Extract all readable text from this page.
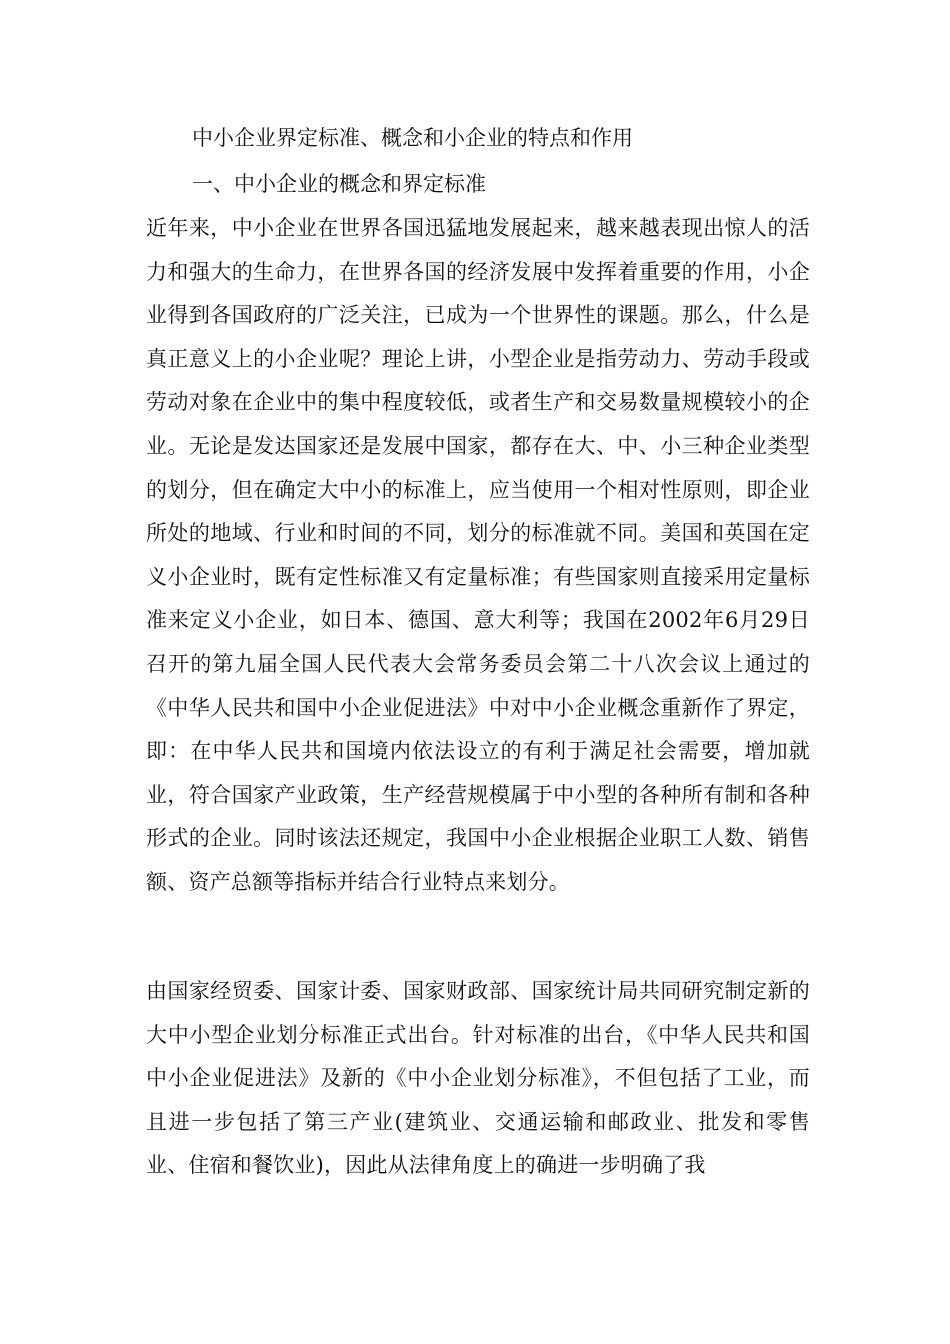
中小企业界定标准、概念和小企业的特点和作用
一、中小企业的概念和界定标准

近年来，中小企业在世界各国迅猛地发展起来，越来越表现出惊人的活力和强大的生命力，在世界各国的经济发展中发挥着重要的作用，小企业得到各国政府的广泛关注，已成为一个世界性的课题。那么，什么是真正意义上的小企业呢？理论上讲，小型企业是指劳动力、劳动手段或劳动对象在企业中的集中程度较低，或者生产和交易数量规模较小的企业。无论是发达国家还是发展中国家，都存在大、中、小三种企业类型的划分，但在确定大中小的标准上，应当使用一个相对性原则，即企业所处的地域、行业和时间的不同，划分的标准就不同。美国和英国在定义小企业时，既有定性标准又有定量标准；有些国家则直接采用定量标准来定义小企业，如日本、德国、意大利等；我国在2002年6月29日召开的第九届全国人民代表大会常务委员会第二十八次会议上通过的《中华人民共和国中小企业促进法》中对中小企业概念重新作了界定，即：在中华人民共和国境内依法设立的有利于满足社会需要，增加就业，符合国家产业政策，生产经营规模属于中小型的各种所有制和各种形式的企业。同时该法还规定，我国中小企业根据企业职工人数、销售额、资产总额等指标并结合行业特点来划分。

由国家经贸委、国家计委、国家财政部、国家统计局共同研究制定新的大中小型企业划分标准正式出台。针对标准的出台，《中华人民共和国中小企业促进法》及新的《中小企业划分标准》，不但包括了工业，而且进一步包括了第三产业(建筑业、交通运输和邮政业、批发和零售业、住宿和餐饮业)，因此从法律角度上的确进一步明确了我
